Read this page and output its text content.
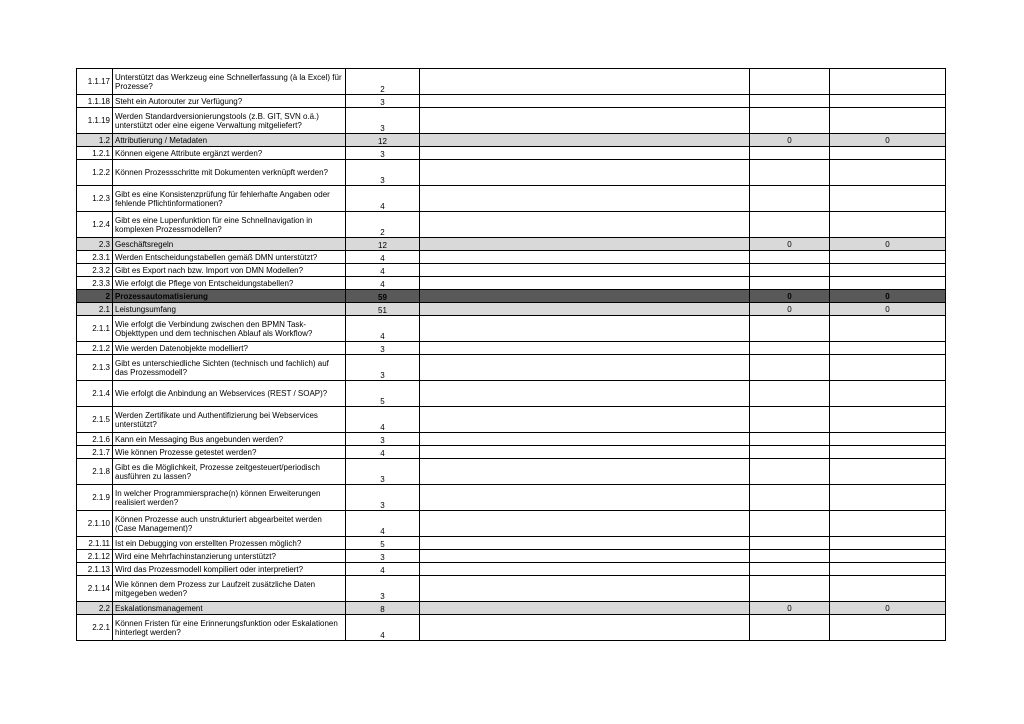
1.1.17	Unterstützt das Werkzeug eine Schnellerfassung (à la Excel) für Prozesse?	2			
1.1.18	Steht ein Autorouter zur Verfügung?	3			
1.1.19	Werden Standardversionierungstools (z.B. GIT, SVN o.ä.) unterstützt oder eine eigene Verwaltung mitgeliefert?	3			
1.2	Attributierung / Metadaten	12		0	0
1.2.1	Können eigene Attribute ergänzt werden?	3			
1.2.2	Können Prozessschritte mit Dokumenten verknüpft werden?	3			
1.2.3	Gibt es eine Konsistenzprüfung für fehlerhafte Angaben oder fehlende Pflichtinformationen?	4			
1.2.4	Gibt es eine Lupenfunktion für eine Schnellnavigation in komplexen Prozessmodellen?	2			
2.3	Geschäftsregeln	12		0	0
2.3.1	Werden Entscheidungstabellen gemäß DMN unterstützt?	4			
2.3.2	Gibt es Export nach bzw. Import von DMN Modellen?	4			
2.3.3	Wie erfolgt die Pflege von Entscheidungstabellen?	4			
2	Prozessautomatisierung	59		0	0
2.1	Leistungsumfang	51		0	0
2.1.1	Wie erfolgt die Verbindung zwischen den BPMN Task-Objekttypen und dem technischen Ablauf als Workflow?	4			
2.1.2	Wie werden Datenobjekte modelliert?	3			
2.1.3	Gibt es unterschiedliche Sichten (technisch und fachlich) auf das Prozessmodell?	3			
2.1.4	Wie erfolgt die Anbindung an Webservices (REST / SOAP)?	5			
2.1.5	Werden Zertifikate und Authentifizierung bei Webservices unterstützt?	4			
2.1.6	Kann ein Messaging Bus angebunden werden?	3			
2.1.7	Wie können Prozesse getestet werden?	4			
2.1.8	Gibt es die Möglichkeit, Prozesse zeitgesteuert/periodisch ausführen zu lassen?	3			
2.1.9	In welcher Programmiersprache(n) können Erweiterungen realisiert werden?	3			
2.1.10	Können Prozesse auch unstrukturiert abgearbeitet werden (Case Management)?	4			
2.1.11	Ist ein Debugging von erstellten Prozessen möglich?	5			
2.1.12	Wird eine Mehrfachinstanzierung unterstützt?	3			
2.1.13	Wird das Prozessmodell kompiliert oder interpretiert?	4			
2.1.14	Wie können dem Prozess zur Laufzeit zusätzliche Daten mitgegeben weden?	3			
2.2	Eskalationsmanagement	8		0	0
2.2.1	Können Fristen für eine Erinnerungsfunktion oder Eskalationen hinterlegt werden?	4			
